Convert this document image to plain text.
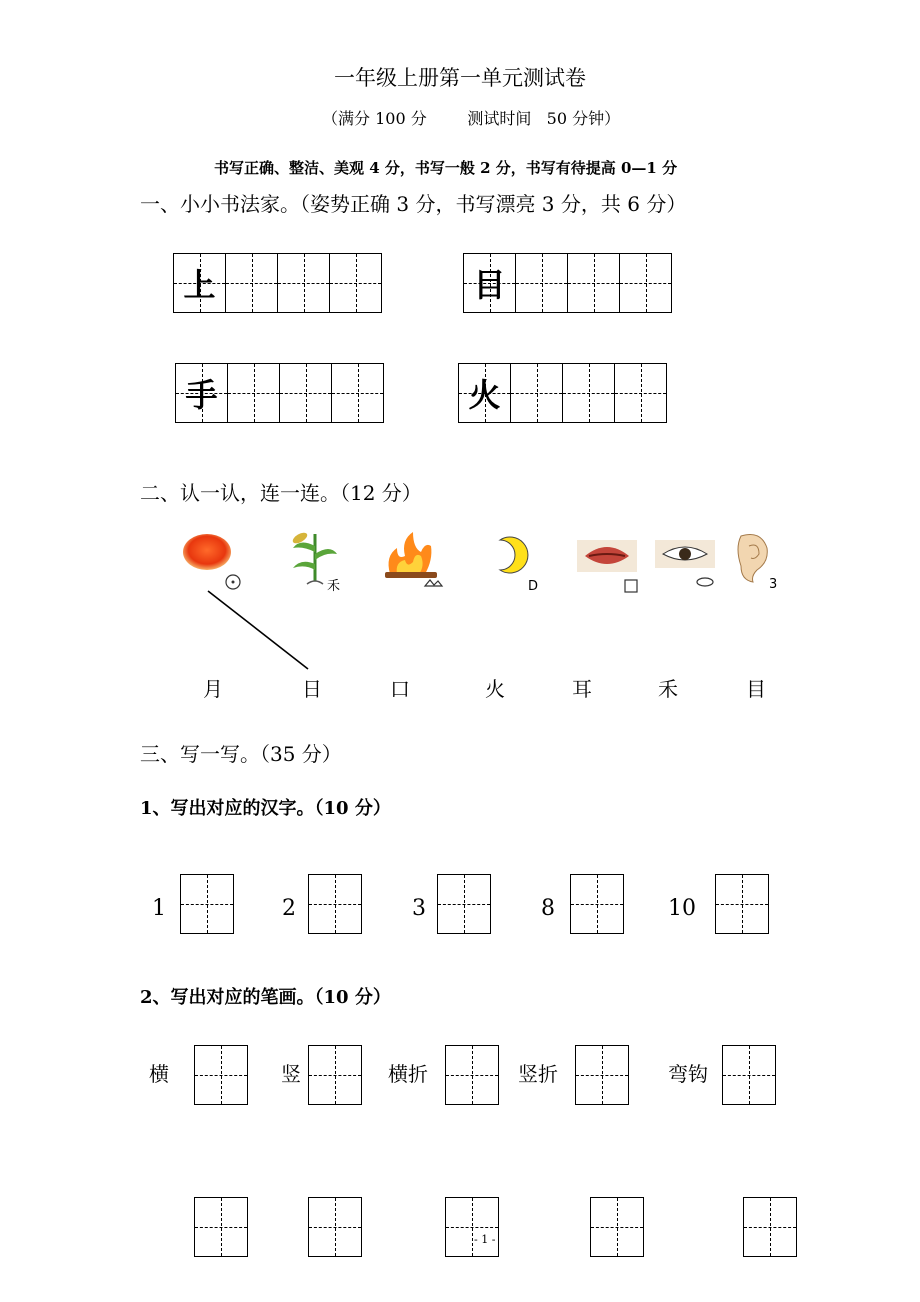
一年级上册第一单元测试卷
（满分 100 分        测试时间   50 分钟）
书写正确、整洁、美观 4 分，书写一般 2 分，书写有待提高 0—1 分
一、小小书法家。（姿势正确 3 分，书写漂亮 3 分，共 6 分）
上	目
手	火
二、认一认，连一连。（12 分）
禾	D	3
月	日	口	火	耳	禾	目
三、写一写。（35 分）
1、写出对应的汉字。（10 分）
1	2	3	8	10
2、写出对应的笔画。（10 分）
横	竖	横折	竖折	弯钩
- 1 -
